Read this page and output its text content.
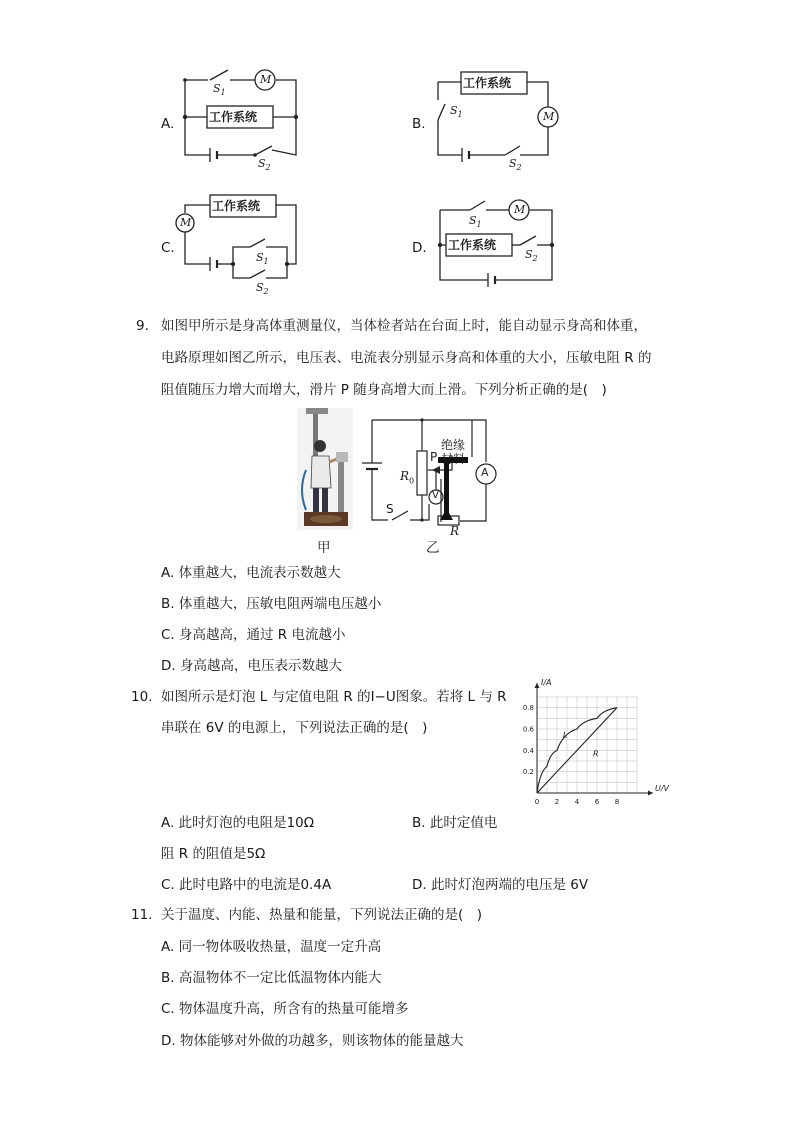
A.	工作系统
M
$S_1$
$S_2$
B.
工作系统
M
$S_1$
$S_2$
C.
工作系统
M
$S_1$
$S_2$
D. 工作系统
M
$S_1$
$S_2$
9. 如图甲所示是身高体重测量仪，当体检者站在台面上时，能自动显示身高和体重，
电路原理如图乙所示，电压表、电流表分别显示身高和体重的大小，压敏电阻 R 的
阻值随压力增大而增大，滑片 P 随身高增大而上滑。下列分析正确的是(　)
甲
$R_0$
绝缘
材料
P
A
V
S
R
乙
A. 体重越大，电流表示数越大
B. 体重越大，压敏电阻两端电压越小
C. 身高越高，通过 R 电流越小
D. 身高越高，电压表示数越大
10. 如图所示是灯泡 L 与定值电阻 R 的I−U图象。若将 L 与 R
串联在 6V 的电源上，下列说法正确的是(　)
0 2 4 6 8
0.2
0.4
0.6
0.8
U/V
I/A
L
R
A. 此时灯泡的电阻是10Ω	B. 此时定值电
阻 R 的阻值是5Ω
C. 此时电路中的电流是0.4A	D. 此时灯泡两端的电压是 6V
11. 关于温度、内能、热量和能量，下列说法正确的是(　)
A. 同一物体吸收热量，温度一定升高
B. 高温物体不一定比低温物体内能大
C. 物体温度升高，所含有的热量可能增多
D. 物体能够对外做的功越多，则该物体的能量越大
